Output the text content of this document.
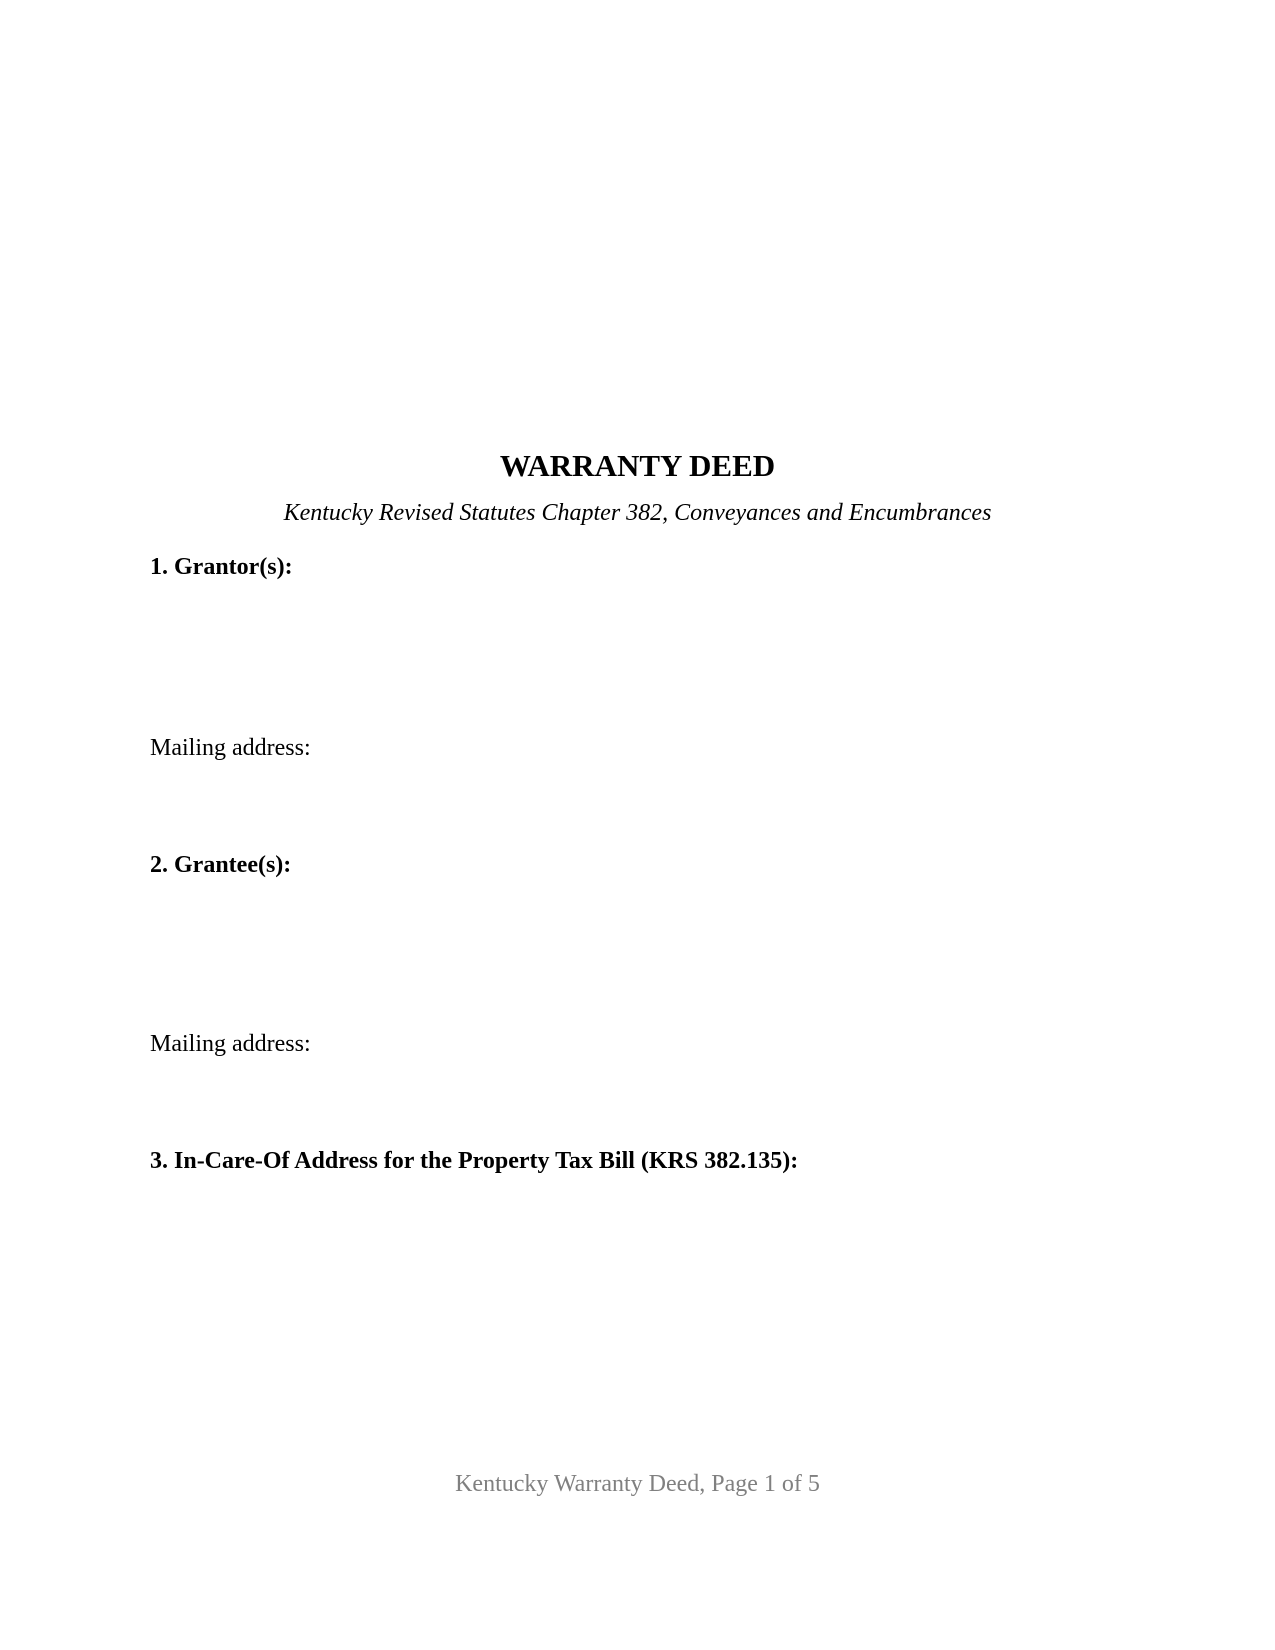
WARRANTY DEED
Kentucky Revised Statutes Chapter 382, Conveyances and Encumbrances
1. Grantor(s):
Mailing address:
2. Grantee(s):
Mailing address:
3. In-Care-Of Address for the Property Tax Bill (KRS 382.135):
Kentucky Warranty Deed, Page 1 of 5
